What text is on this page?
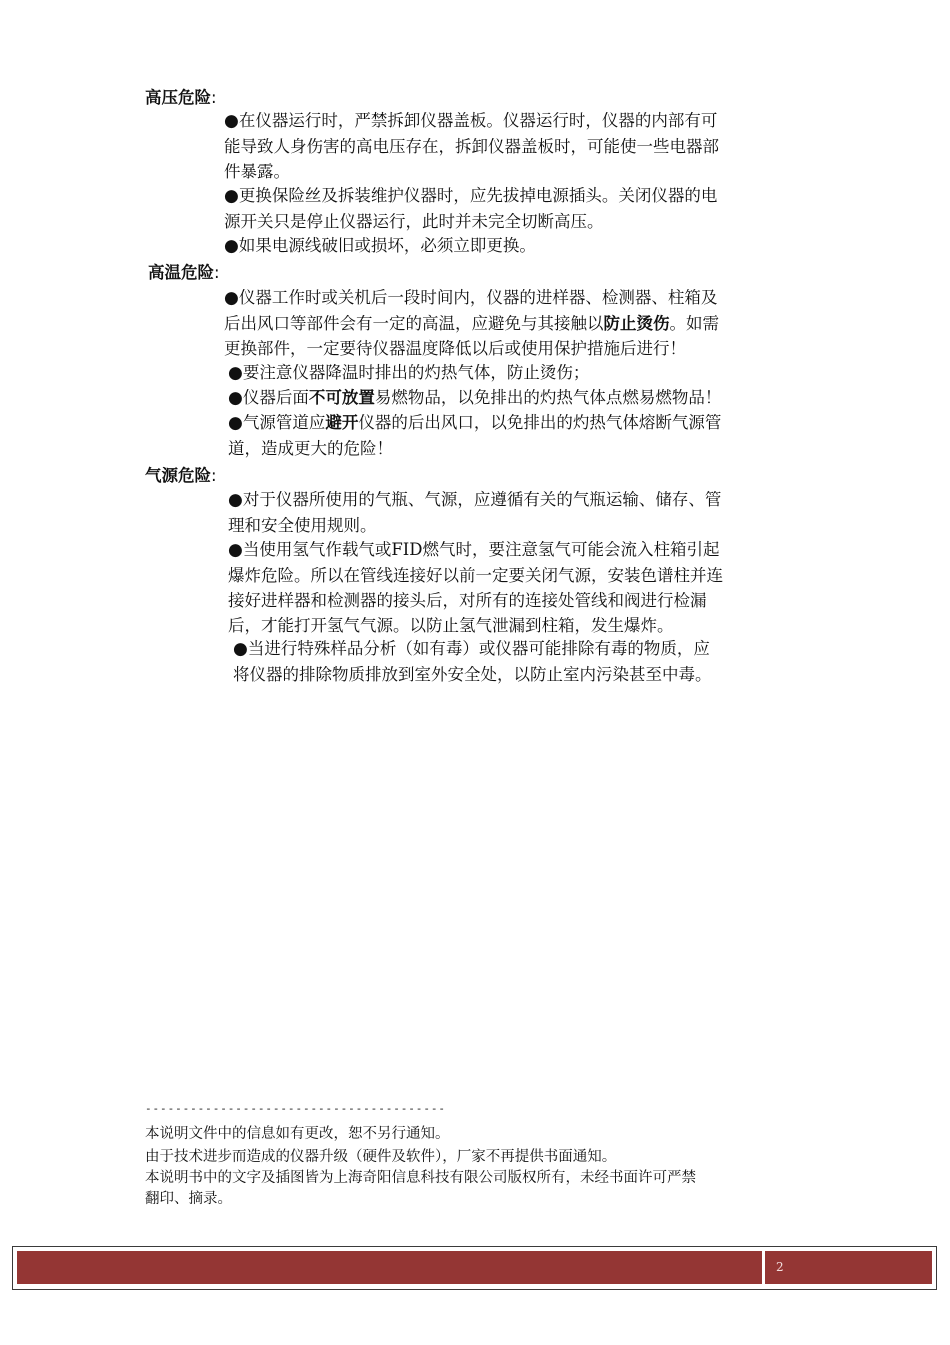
高压危险:
●在仪器运行时，严禁拆卸仪器盖板。仪器运行时，仪器的内部有可
能导致人身伤害的高电压存在，拆卸仪器盖板时，可能使一些电器部
件暴露。
●更换保险丝及拆装维护仪器时，应先拔掉电源插头。关闭仪器的电
源开关只是停止仪器运行，此时并未完全切断高压。
●如果电源线破旧或损坏，必须立即更换。
高温危险:
●仪器工作时或关机后一段时间内，仪器的进样器、检测器、柱箱及
后出风口等部件会有一定的高温，应避免与其接触以防止烫伤。如需
更换部件，一定要待仪器温度降低以后或使用保护措施后进行！
●要注意仪器降温时排出的灼热气体，防止烫伤；
●仪器后面不可放置易燃物品，以免排出的灼热气体点燃易燃物品！
●气源管道应避开仪器的后出风口，以免排出的灼热气体熔断气源管
道，造成更大的危险！
气源危险:
●对于仪器所使用的气瓶、气源，应遵循有关的气瓶运输、储存、管
理和安全使用规则。
●当使用氢气作载气或FID燃气时，要注意氢气可能会流入柱箱引起
爆炸危险。所以在管线连接好以前一定要关闭气源，安装色谱柱并连
接好进样器和检测器的接头后，对所有的连接处管线和阀进行检漏
后，才能打开氢气气源。以防止氢气泄漏到柱箱，发生爆炸。
●当进行特殊样品分析（如有毒）或仪器可能排除有毒的物质，应
将仪器的排除物质排放到室外安全处，以防止室内污染甚至中毒。
----------------------------------------

本说明文件中的信息如有更改，恕不另行通知。

由于技术进步而造成的仪器升级（硬件及软件），厂家不再提供书面通知。

本说明书中的文字及插图皆为上海奇阳信息科技有限公司版权所有，未经书面许可严禁

翻印、摘录。

2
